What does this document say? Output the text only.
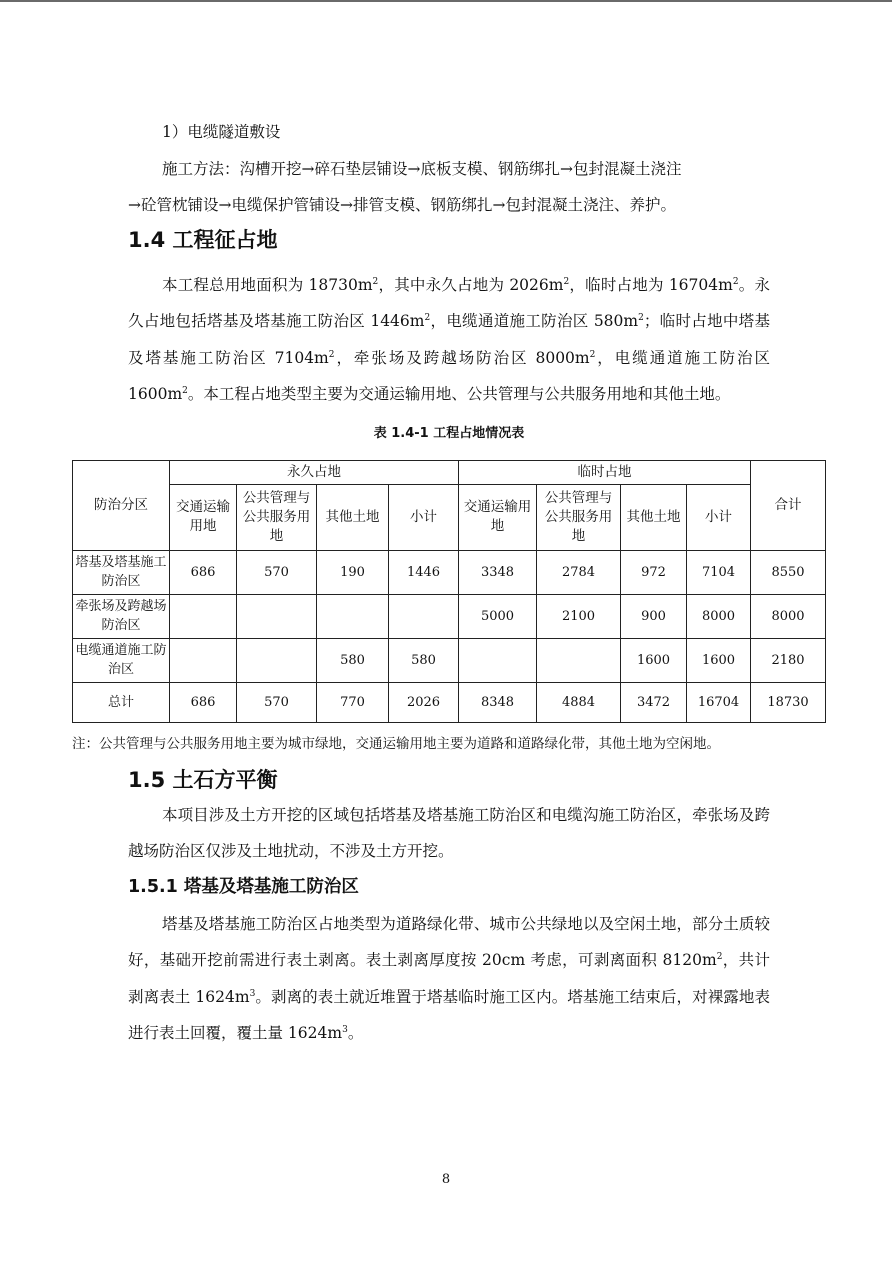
1）电缆隧道敷设

施工方法：沟槽开挖→碎石垫层铺设→底板支模、钢筋绑扎→包封混凝土浇注

→砼管枕铺设→电缆保护管铺设→排管支模、钢筋绑扎→包封混凝土浇注、养护。

1.4 工程征占地

本工程总用地面积为 $18730m^2$，其中永久占地为 $2026m^2$，临时占地为 $16704m^2$。永久占地包括塔基及塔基施工防治区 $1446m^2$，电缆通道施工防治区 $580m^2$；临时占地中塔基及塔基施工防治区 $7104m^2$，牵张场及跨越场防治区 $8000m^2$，电缆通道施工防治区 $1600m^2$。本工程占地类型主要为交通运输用地、公共管理与公共服务用地和其他土地。

表 1.4-1 工程占地情况表
防治分区	永久占地				临时占地				合计
	交通运输用地	公共管理与公共服务用地	其他土地	小计	交通运输用地	公共管理与公共服务用地	其他土地	小计	
塔基及塔基施工防治区	686	570	190	1446	3348	2784	972	7104	8550
牵张场及跨越场防治区					5000	2100	900	8000	8000
电缆通道施工防治区			580	580			1600	1600	2180
总计	686	570	770	2026	8348	4884	3472	16704	18730
注：公共管理与公共服务用地主要为城市绿地，交通运输用地主要为道路和道路绿化带，其他土地为空闲地。
1.5 土石方平衡

本项目涉及土方开挖的区域包括塔基及塔基施工防治区和电缆沟施工防治区，牵张场及跨越场防治区仅涉及土地扰动，不涉及土方开挖。

1.5.1 塔基及塔基施工防治区

塔基及塔基施工防治区占地类型为道路绿化带、城市公共绿地以及空闲土地，部分土质较好，基础开挖前需进行表土剥离。表土剥离厚度按 20cm 考虑，可剥离面积 $8120m^2$，共计剥离表土 $1624m^3$。剥离的表土就近堆置于塔基临时施工区内。塔基施工结束后，对裸露地表进行表土回覆，覆土量 $1624m^3$。

8
